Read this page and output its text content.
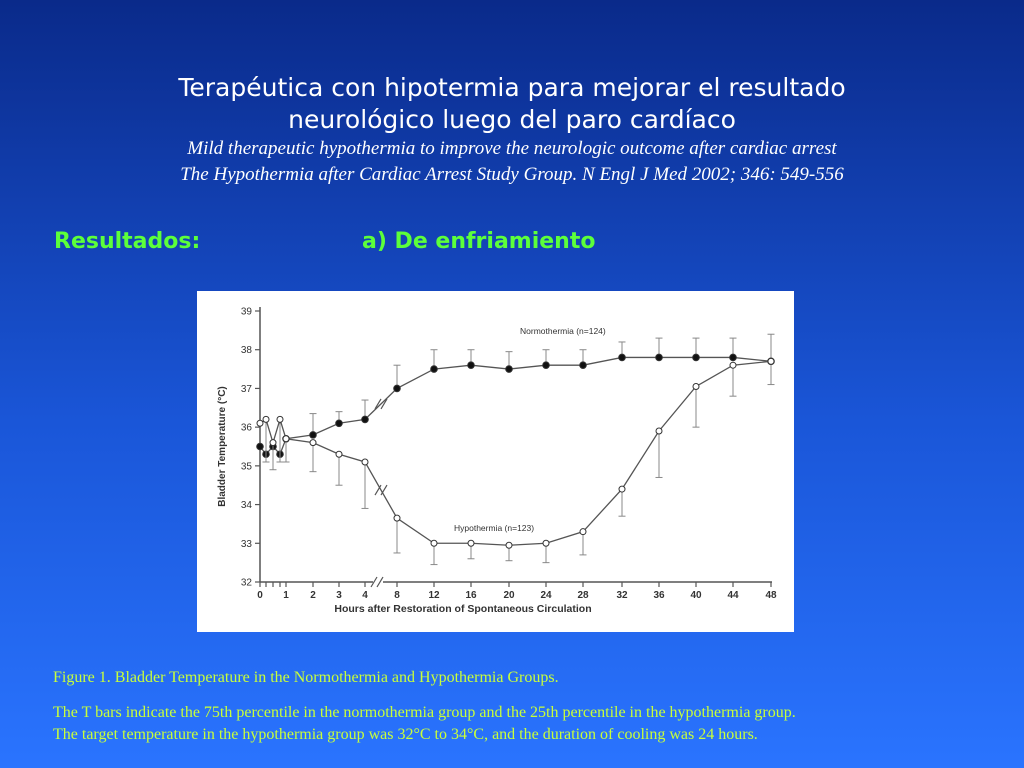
Terapéutica con hipotermia para mejorar el resultado
neurológico luego del paro cardíaco
Mild therapeutic hypothermia to improve the neurologic outcome after cardiac arrest
The Hypothermia after Cardiac Arrest Study Group. N Engl J Med 2002; 346: 549-556
Resultados:	a) De enfriamiento
32
33
34
35
36
37
38
39
0 1 2 3 4	8	12	16	20	24	28	32	36	40	44	48
Hours after Restoration of Spontaneous Circulation
Bladder Temperature (°C)
Normothermia (n=124)
Hypothermia (n=123)
Figure 1. Bladder Temperature in the Normothermia and Hypothermia Groups.
The T bars indicate the 75th percentile in the normothermia group and the 25th percentile in the hypothermia group.
The target temperature in the hypothermia group was 32°C to 34°C, and the duration of cooling was 24 hours.
